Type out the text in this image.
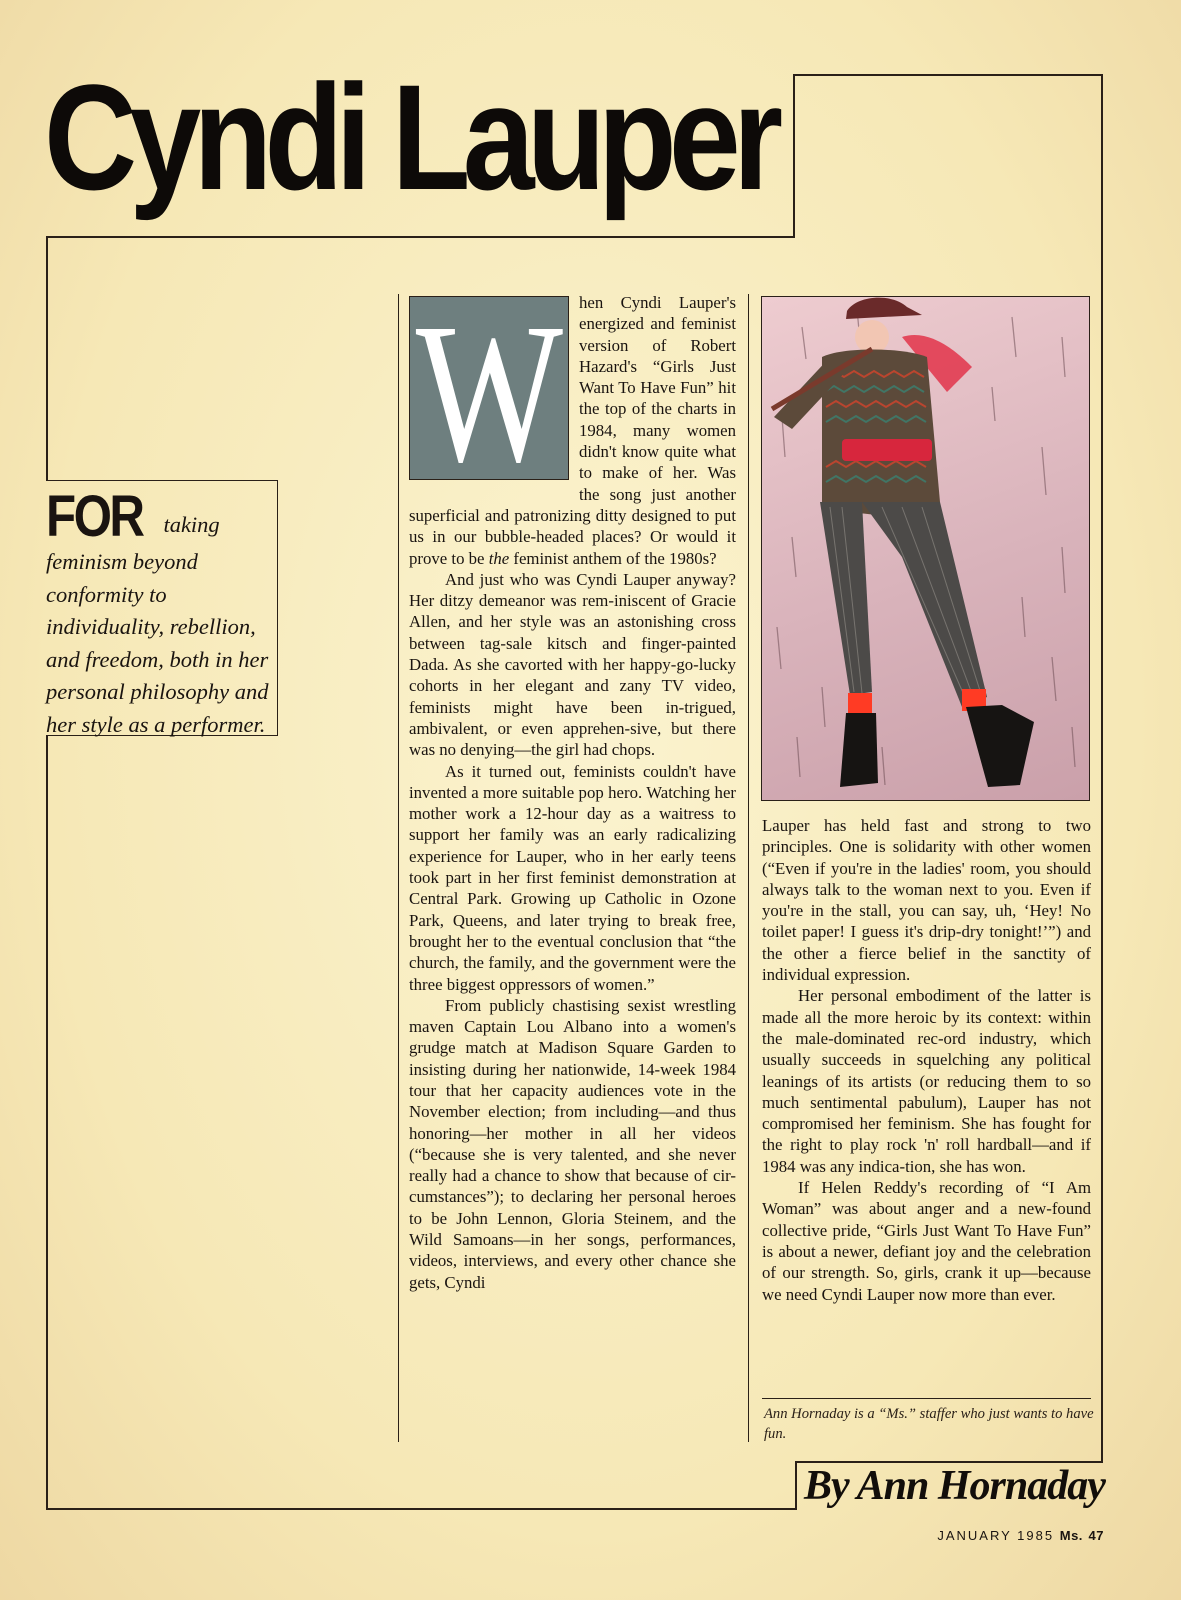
Cyndi Lauper
FOR taking feminism beyond conformity to individuality, rebellion, and freedom, both in her personal philosophy and her style as a performer.
W hen Cyndi Lauper's energized and feminist version of Robert Hazard's “Girls Just Want To Have Fun” hit the top of the charts in 1984, many women didn't know quite what to make of her. Was the song just another superficial and patronizing ditty designed to put us in our bubble-headed places? Or would it prove to be the feminist anthem of the 1980s?

And just who was Cyndi Lauper anyway? Her ditzy demeanor was rem-iniscent of Gracie Allen, and her style was an astonishing cross between tag-sale kitsch and finger-painted Dada. As she cavorted with her happy-go-lucky cohorts in her elegant and zany TV video, feminists might have been in-trigued, ambivalent, or even apprehen-sive, but there was no denying—the girl had chops.

As it turned out, feminists couldn't have invented a more suitable pop hero. Watching her mother work a 12-hour day as a waitress to support her family was an early radicalizing experience for Lauper, who in her early teens took part in her first feminist demonstration at Central Park. Growing up Catholic in Ozone Park, Queens, and later trying to break free, brought her to the eventual conclusion that “the church, the family, and the government were the three biggest oppressors of women.”

From publicly chastising sexist wrestling maven Captain Lou Albano into a women's grudge match at Madison Square Garden to insisting during her nationwide, 14-week 1984 tour that her capacity audiences vote in the November election; from including—and thus honoring—her mother in all her videos (“because she is very talented, and she never really had a chance to show that because of cir-cumstances”); to declaring her personal heroes to be John Lennon, Gloria Steinem, and the Wild Samoans—in her songs, performances, videos, interviews, and every other chance she gets, Cyndi

Lauper has held fast and strong to two principles. One is solidarity with other women (“Even if you're in the ladies' room, you should always talk to the woman next to you. Even if you're in the stall, you can say, uh, ‘Hey! No toilet paper! I guess it's drip-dry tonight!’”) and the other a fierce belief in the sanctity of individual expression.

Her personal embodiment of the latter is made all the more heroic by its context: within the male-dominated rec-ord industry, which usually succeeds in squelching any political leanings of its artists (or reducing them to so much sentimental pabulum), Lauper has not compromised her feminism. She has fought for the right to play rock 'n' roll hardball—and if 1984 was any indica-tion, she has won.

If Helen Reddy's recording of “I Am Woman” was about anger and a new-found collective pride, “Girls Just Want To Have Fun” is about a newer, defiant joy and the celebration of our strength. So, girls, crank it up—because we need Cyndi Lauper now more than ever.

Ann Hornaday is a “Ms.” staffer who just wants to have fun.
By Ann Hornaday
JANUARY 1985 Ms. 47
